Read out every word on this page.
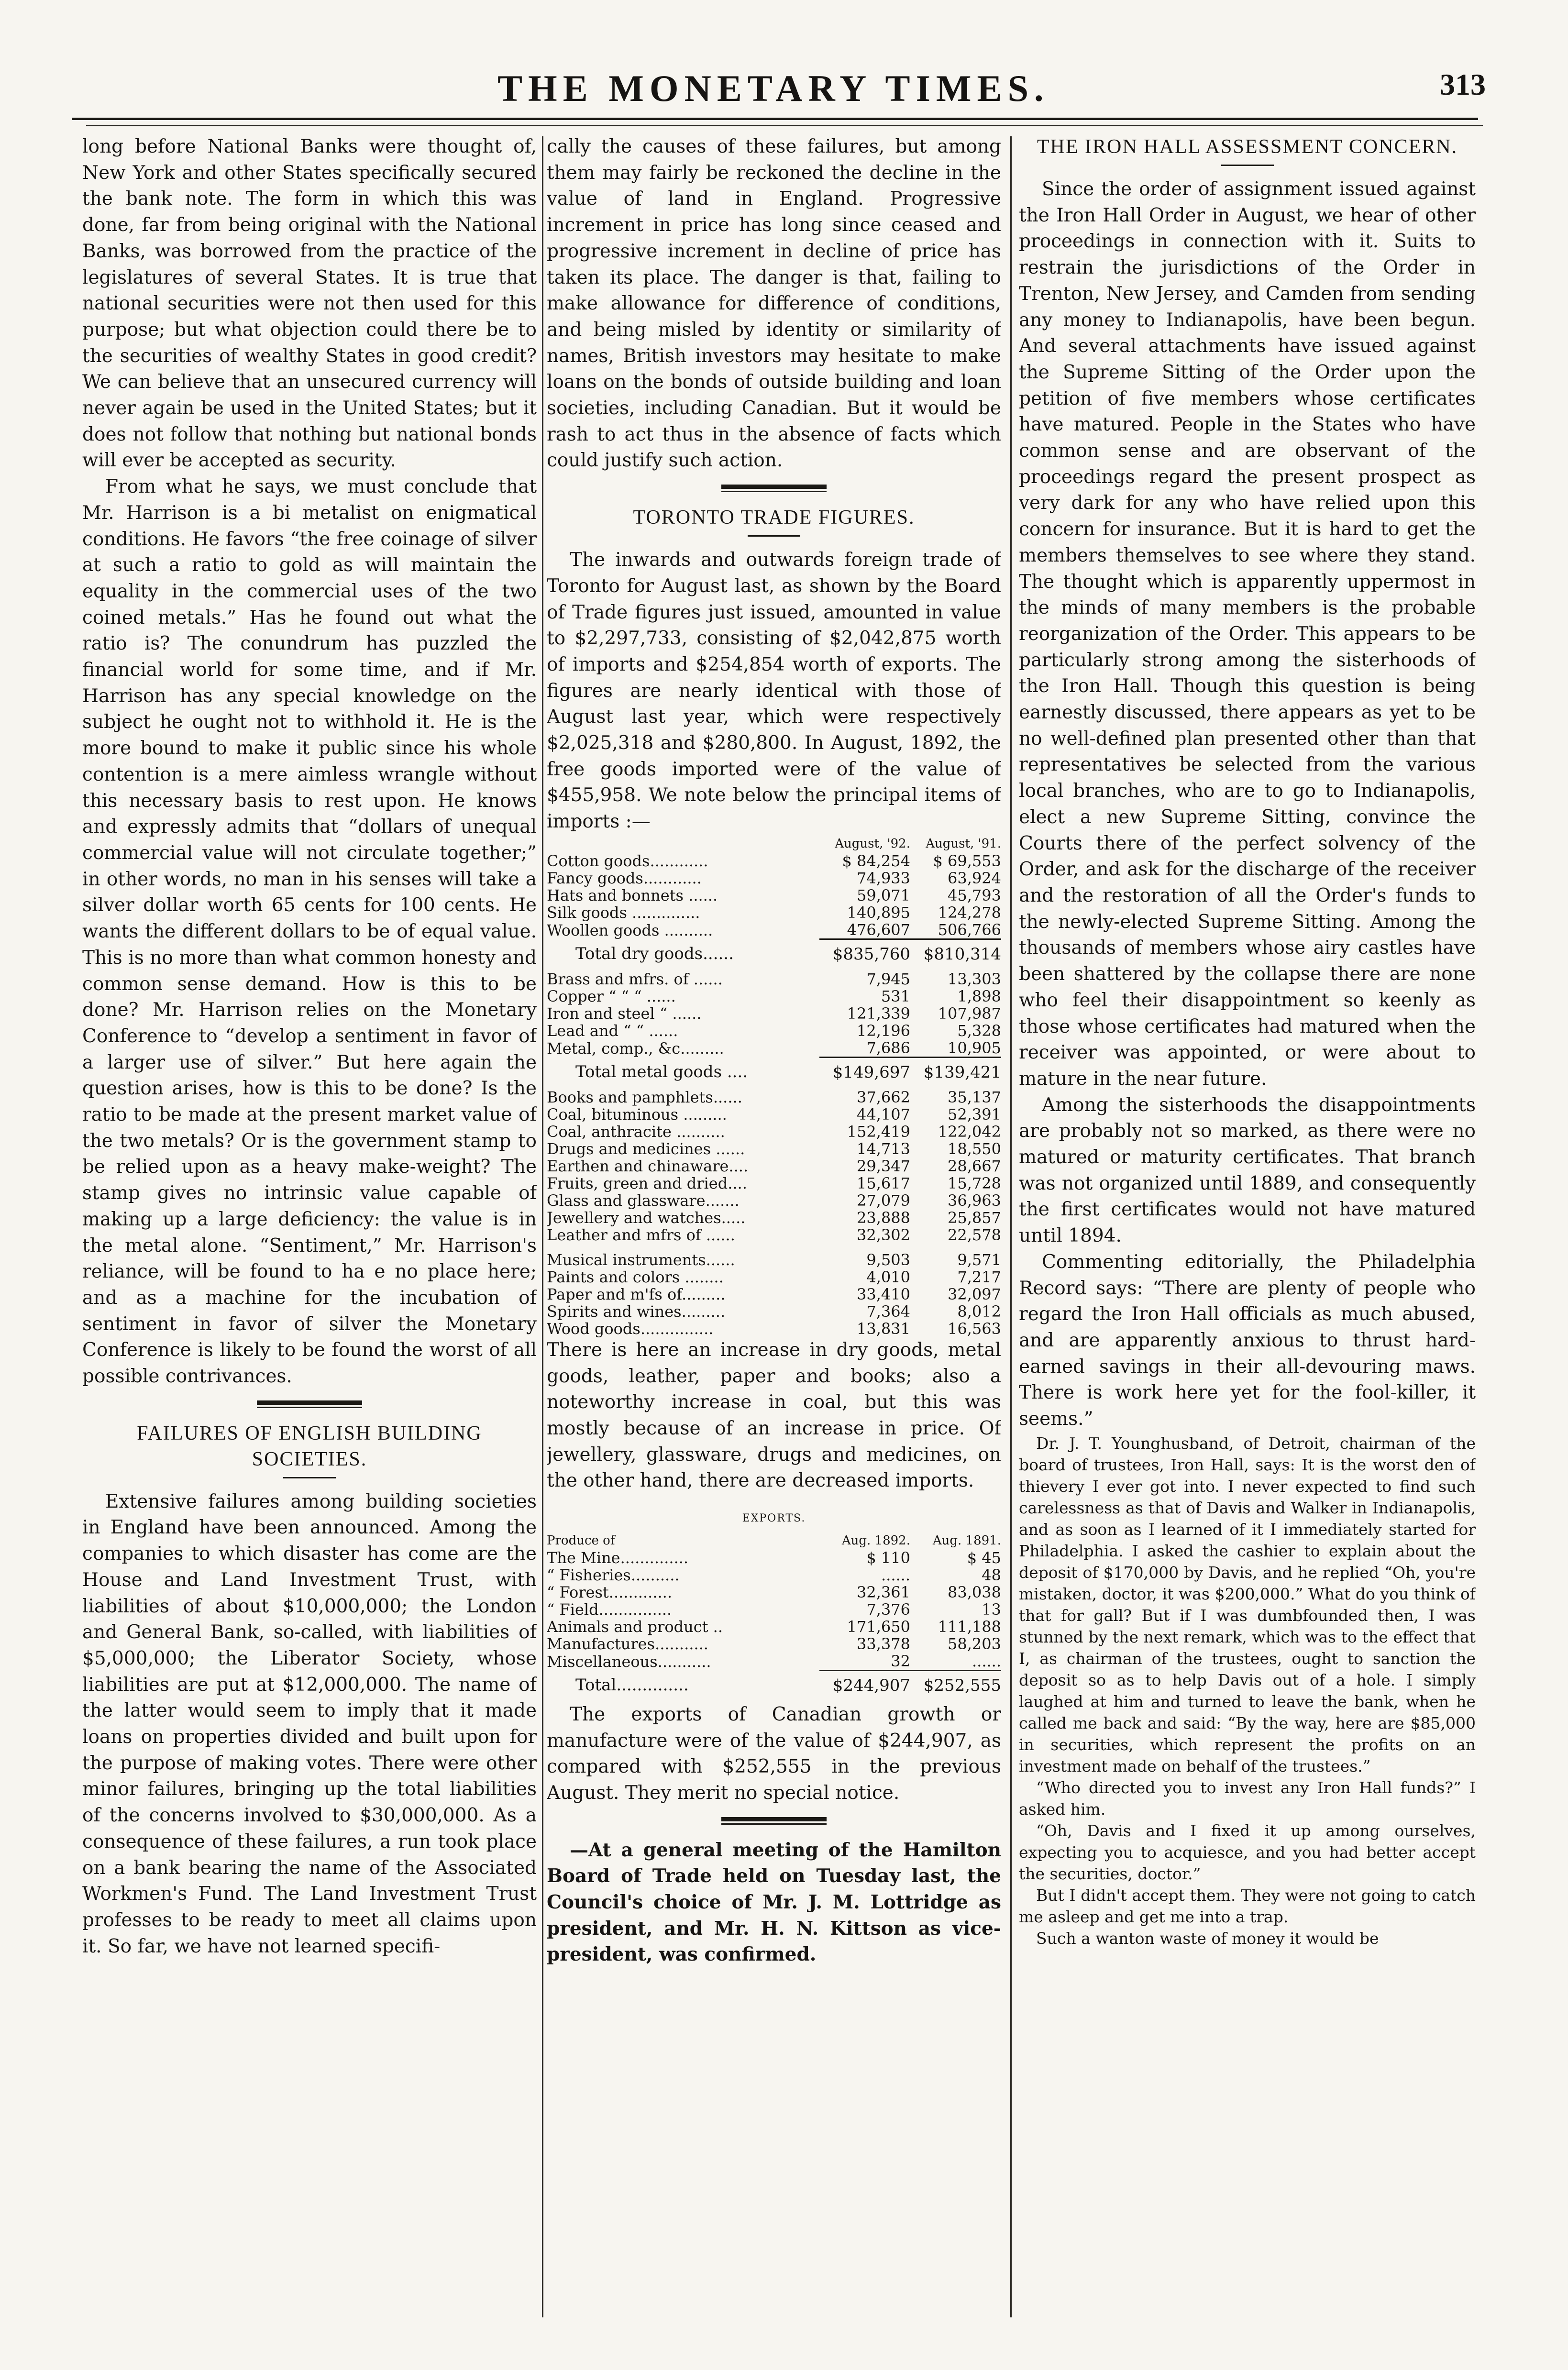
THE MONETARY TIMES.	313

long before National Banks were thought of, New York and other States specifically secured the bank note. The form in which this was done, far from being original with the National Banks, was borrowed from the practice of the legislatures of several States. It is true that national securities were not then used for this purpose; but what objection could there be to the securities of wealthy States in good credit? We can believe that an unsecured currency will never again be used in the United States; but it does not follow that nothing but national bonds will ever be accepted as security.

From what he says, we must conclude that Mr. Harrison is a bi metalist on enigmatical conditions. He favors “the free coinage of silver at such a ratio to gold as will maintain the equality in the commercial uses of the two coined metals.” Has he found out what the ratio is? The conundrum has puzzled the financial world for some time, and if Mr. Harrison has any special knowledge on the subject he ought not to withhold it. He is the more bound to make it public since his whole contention is a mere aimless wrangle without this necessary basis to rest upon. He knows and expressly admits that “dollars of unequal commercial value will not circulate together;” in other words, no man in his senses will take a silver dollar worth 65 cents for 100 cents. He wants the different dollars to be of equal value. This is no more than what common honesty and common sense demand. How is this to be done? Mr. Harrison relies on the Monetary Conference to “develop a sentiment in favor of a larger use of silver.” But here again the question arises, how is this to be done? Is the ratio to be made at the present market value of the two metals? Or is the government stamp to be relied upon as a heavy make-weight? The stamp gives no intrinsic value capable of making up a large deficiency: the value is in the metal alone. “Sentiment,” Mr. Harrison's reliance, will be found to ha e no place here; and as a machine for the incubation of sentiment in favor of silver the Monetary Conference is likely to be found the worst of all possible contrivances.

FAILURES OF ENGLISH BUILDING SOCIETIES.

Extensive failures among building societies in England have been announced. Among the companies to which disaster has come are the House and Land Investment Trust, with liabilities of about $10,000,000; the London and General Bank, so-called, with liabilities of $5,000,000; the Liberator Society, whose liabilities are put at $12,000,000. The name of the latter would seem to imply that it made loans on properties divided and built upon for the purpose of making votes. There were other minor failures, bringing up the total liabilities of the concerns involved to $30,000,000. As a consequence of these failures, a run took place on a bank bearing the name of the Associated Workmen's Fund. The Land Investment Trust professes to be ready to meet all claims upon it. So far, we have not learned specifi-

cally the causes of these failures, but among them may fairly be reckoned the decline in the value of land in England. Progressive increment in price has long since ceased and progressive increment in decline of price has taken its place. The danger is that, failing to make allowance for difference of conditions, and being misled by identity or similarity of names, British investors may hesitate to make loans on the bonds of outside building and loan societies, including Canadian. But it would be rash to act thus in the absence of facts which could justify such action.

TORONTO TRADE FIGURES.

The inwards and outwards foreign trade of Toronto for August last, as shown by the Board of Trade figures just issued, amounted in value to $2,297,733, consisting of $2,042,875 worth of imports and $254,854 worth of exports. The figures are nearly identical with those of August last year, which were respectively $2,025,318 and $280,800. In August, 1892, the free goods imported were of the value of $455,958. We note below the principal items of imports :—

	August, '92.	August, '91.
Cotton goods............	$ 84,254	$ 69,553
Fancy goods............	74,933	63,924
Hats and bonnets ......	59,071	45,793
Silk goods ..............	140,895	124,278
Woollen goods ..........	476,607	506,766
Total dry goods......	$835,760	$810,314
Brass and mfrs. of ......	7,945	13,303
Copper “ “ “ ......	531	1,898
Iron and steel “ ......	121,339	107,987
Lead and “ “ ......	12,196	5,328
Metal, comp., &c.........	7,686	10,905
Total metal goods ....	$149,697	$139,421
Books and pamphlets......	37,662	35,137
Coal, bituminous .........	44,107	52,391
Coal, anthracite ..........	152,419	122,042
Drugs and medicines ......	14,713	18,550
Earthen and chinaware....	29,347	28,667
Fruits, green and dried....	15,617	15,728
Glass and glassware.......	27,079	36,963
Jewellery and watches.....	23,888	25,857
Leather and mfrs of ......	32,302	22,578

Musical instruments......	9,503	9,571
Paints and colors ........	4,010	7,217
Paper and m'fs of.........	33,410	32,097
Spirits and wines.........	7,364	8,012
Wood goods...............	13,831	16,563

There is here an increase in dry goods, metal goods, leather, paper and books; also a noteworthy increase in coal, but this was mostly because of an increase in price. Of jewellery, glassware, drugs and medicines, on the other hand, there are decreased imports.

EXPORTS.
Produce of	Aug. 1892.	Aug. 1891.
The Mine..............	$ 110	$ 45
“ Fisheries..........	......	48
“ Forest.............	32,361	83,038
“ Field...............	7,376	13
Animals and product ..	171,650	111,188
Manufactures...........	33,378	58,203
Miscellaneous...........	32	......
Total..............	$244,907	$252,555

The exports of Canadian growth or manufacture were of the value of $244,907, as compared with $252,555 in the previous August. They merit no special notice.

—At a general meeting of the Hamilton Board of Trade held on Tuesday last, the Council's choice of Mr. J. M. Lottridge as president, and Mr. H. N. Kittson as vice-president, was confirmed.

THE IRON HALL ASSESSMENT CONCERN.

Since the order of assignment issued against the Iron Hall Order in August, we hear of other proceedings in connection with it. Suits to restrain the jurisdictions of the Order in Trenton, New Jersey, and Camden from sending any money to Indianapolis, have been begun. And several attachments have issued against the Supreme Sitting of the Order upon the petition of five members whose certificates have matured. People in the States who have common sense and are observant of the proceedings regard the present prospect as very dark for any who have relied upon this concern for insurance. But it is hard to get the members themselves to see where they stand. The thought which is apparently uppermost in the minds of many members is the probable reorganization of the Order. This appears to be particularly strong among the sisterhoods of the Iron Hall. Though this question is being earnestly discussed, there appears as yet to be no well-defined plan presented other than that representatives be selected from the various local branches, who are to go to Indianapolis, elect a new Supreme Sitting, convince the Courts there of the perfect solvency of the Order, and ask for the discharge of the receiver and the restoration of all the Order's funds to the newly-elected Supreme Sitting. Among the thousands of members whose airy castles have been shattered by the collapse there are none who feel their disappointment so keenly as those whose certificates had matured when the receiver was appointed, or were about to mature in the near future.

Among the sisterhoods the disappointments are probably not so marked, as there were no matured or maturity certificates. That branch was not organized until 1889, and consequently the first certificates would not have matured until 1894.

Commenting editorially, the Philadelphia Record says: “There are plenty of people who regard the Iron Hall officials as much abused, and are apparently anxious to thrust hard-earned savings in their all-devouring maws. There is work here yet for the fool-killer, it seems.”

Dr. J. T. Younghusband, of Detroit, chairman of the board of trustees, Iron Hall, says: It is the worst den of thievery I ever got into. I never expected to find such carelessness as that of Davis and Walker in Indianapolis, and as soon as I learned of it I immediately started for Philadelphia. I asked the cashier to explain about the deposit of $170,000 by Davis, and he replied “Oh, you're mistaken, doctor, it was $200,000.” What do you think of that for gall? But if I was dumbfounded then, I was stunned by the next remark, which was to the effect that I, as chairman of the trustees, ought to sanction the deposit so as to help Davis out of a hole. I simply laughed at him and turned to leave the bank, when he called me back and said: “By the way, here are $85,000 in securities, which represent the profits on an investment made on behalf of the trustees.”

“Who directed you to invest any Iron Hall funds?” I asked him.

“Oh, Davis and I fixed it up among ourselves, expecting you to acquiesce, and you had better accept the securities, doctor.”

But I didn't accept them. They were not going to catch me asleep and get me into a trap.

Such a wanton waste of money it would be
